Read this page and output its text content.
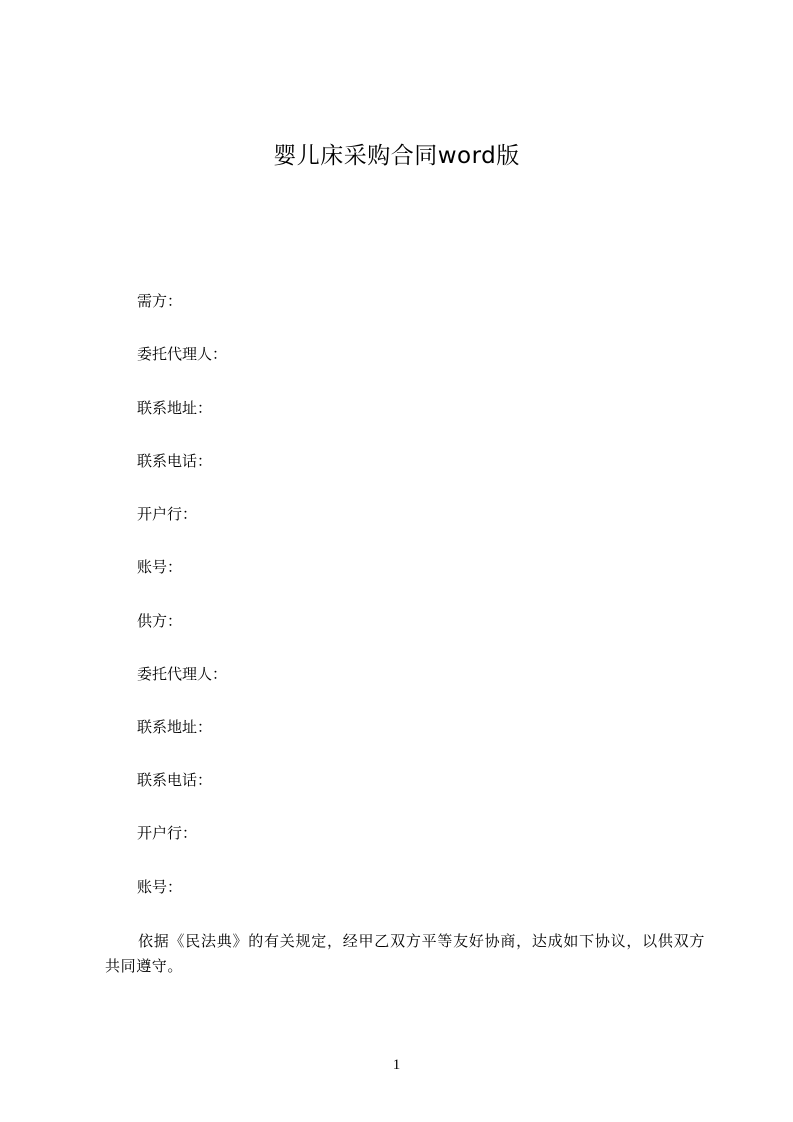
婴儿床采购合同word版
需方：
委托代理人：
联系地址：
联系电话：
开户行：
账号：
供方：
委托代理人：
联系地址：
联系电话：
开户行：
账号：
依据《民法典》的有关规定，经甲乙双方平等友好协商，达成如下协议，以供双方共同遵守。
1
